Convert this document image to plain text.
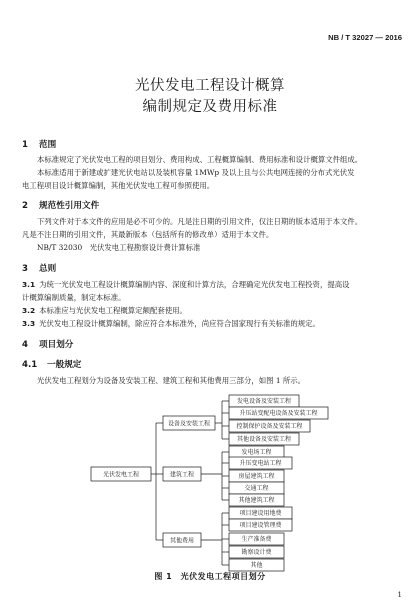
NB / T 32027 — 2016
光伏发电工程设计概算
编制规定及费用标准
1 范围
本标准规定了光伏发电工程的项目划分、费用构成、工程概算编制、费用标准和设计概算文件组成。
本标准适用于新建或扩建光伏电站以及装机容量 1MWp 及以上且与公共电网连接的分布式光伏发
电工程项目设计概算编制，其他光伏发电工程可参照使用。
2 规范性引用文件
下列文件对于本文件的应用是必不可少的。凡是注日期的引用文件，仅注日期的版本适用于本文件。
凡是不注日期的引用文件，其最新版本（包括所有的修改单）适用于本文件。
NB/T 32030　光伏发电工程勘察设计费计算标准
3 总则
3.1 为统一光伏发电工程设计概算编制内容、深度和计算方法，合理确定光伏发电工程投资，提高设
计概算编制质量，制定本标准。
3.2 本标准应与光伏发电工程概算定额配套使用。
3.3 光伏发电工程设计概算编制，除应符合本标准外，尚应符合国家现行有关标准的规定。
4 项目划分
4.1 一般规定
光伏发电工程划分为设备及安装工程、建筑工程和其他费用三部分，如图 1 所示。
光伏发电工程
设备及安装工程
建筑工程
其他费用
发电设备及安装工程
升压站变配电设备及安装工程
控制保护设备及安装工程
其他设备及安装工程
发电场工程
升压变电站工程
房屋建筑工程
交通工程
其他建筑工程
项目建设用地费
项目建设管理费
生产准备费
勘察设计费
其他
图 1　光伏发电工程项目划分
1
